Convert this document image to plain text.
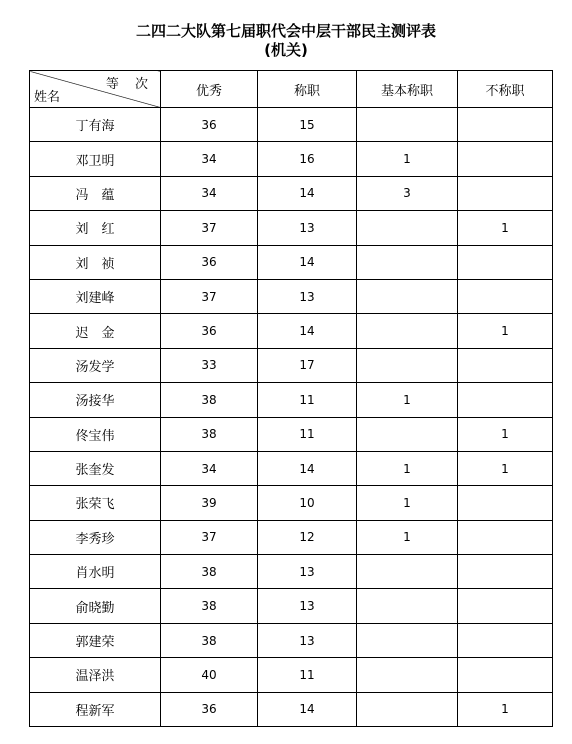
二四二大队第七届职代会中层干部民主测评表
(机关)
等 次
姓名	优秀	称职	基本称职	不称职
丁有海	36	15		
邓卫明	34	16	1	
冯　蕴	34	14	3	
刘　红	37	13		1
刘　祯	36	14		
刘建峰	37	13		
迟　金	36	14		1
汤发学	33	17		
汤接华	38	11	1	
佟宝伟	38	11		1
张奎发	34	14	1	1
张荣飞	39	10	1	
李秀珍	37	12	1	
肖水明	38	13		
俞晓勤	38	13		
郭建荣	38	13		
温泽洪	40	11		
程新军	36	14		1
